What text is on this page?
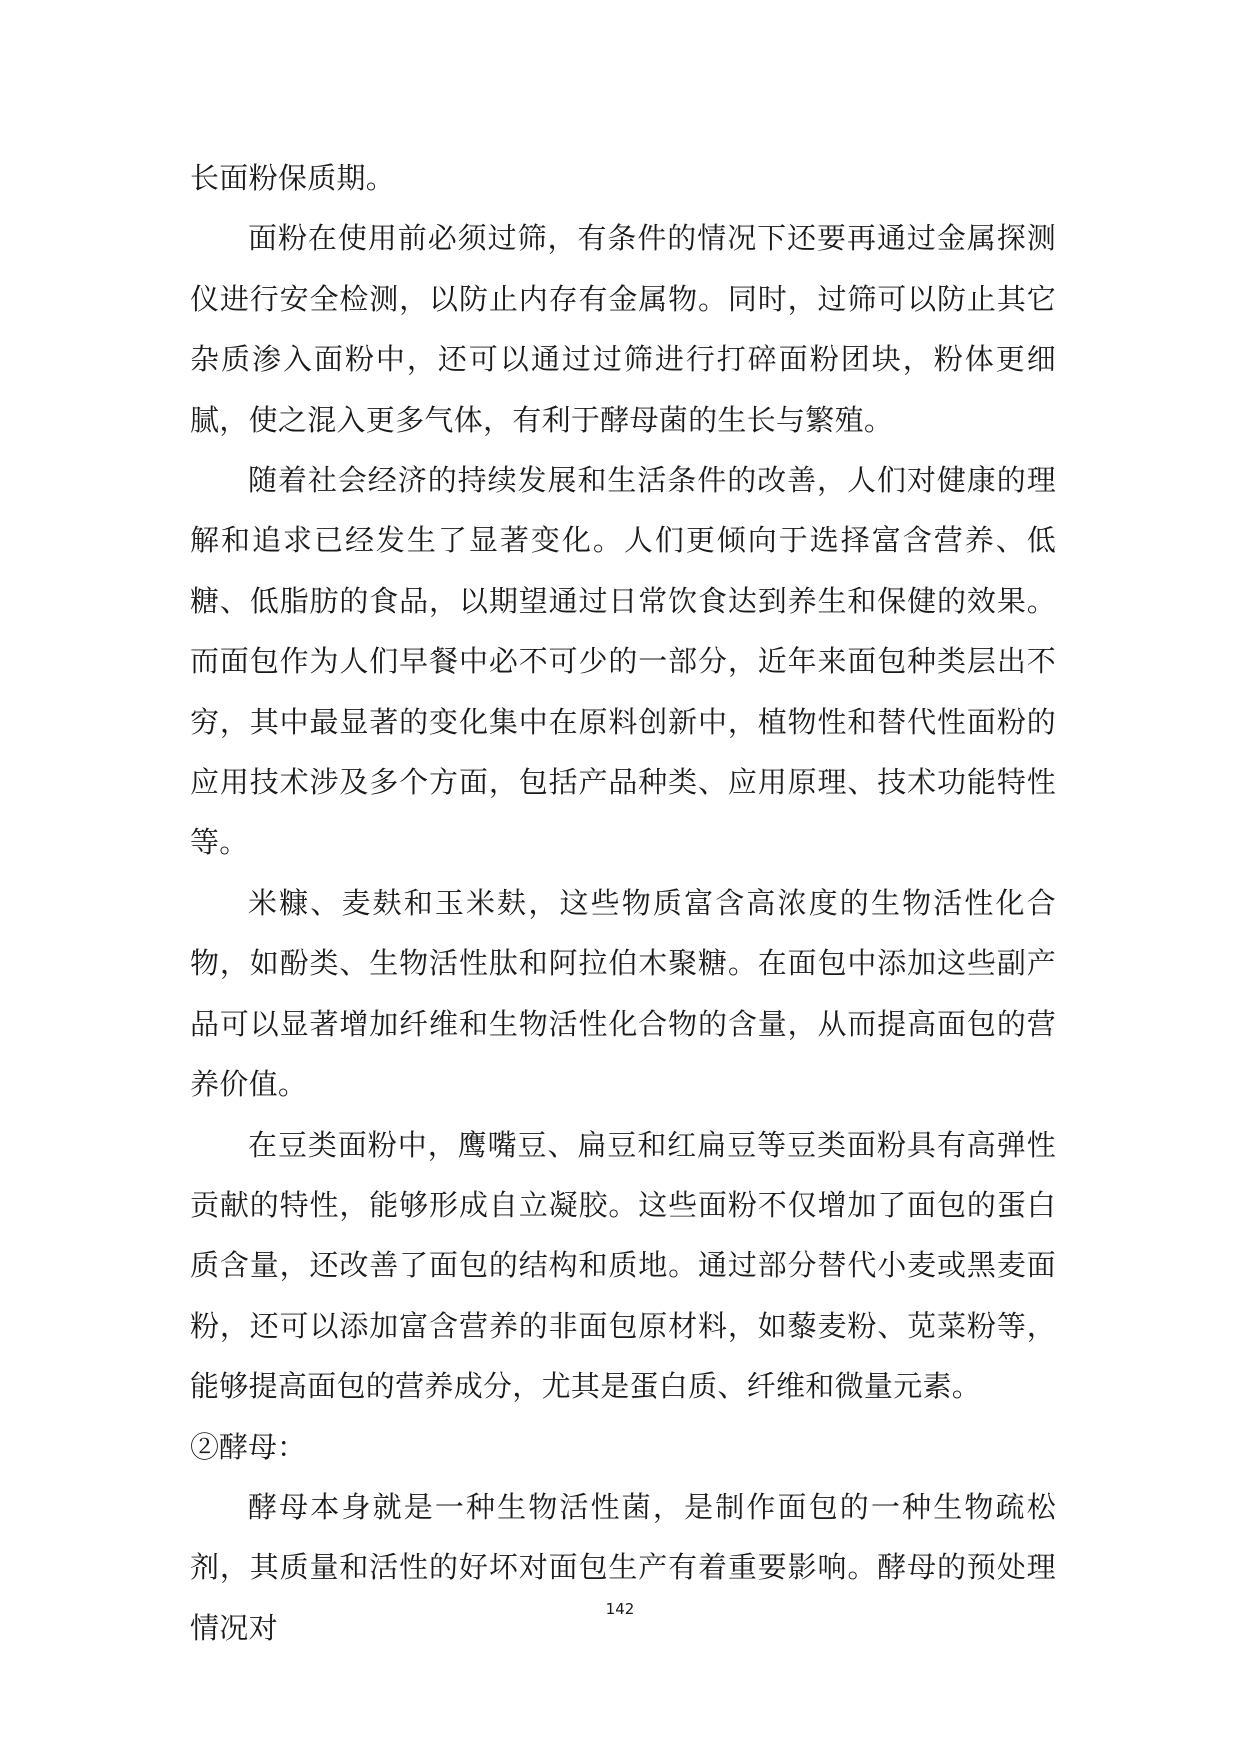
长面粉保质期。

面粉在使用前必须过筛，有条件的情况下还要再通过金属探测仪进行安全检测，以防止内存有金属物。同时，过筛可以防止其它杂质渗入面粉中，还可以通过过筛进行打碎面粉团块，粉体更细腻，使之混入更多气体，有利于酵母菌的生长与繁殖。

随着社会经济的持续发展和生活条件的改善，人们对健康的理解和追求已经发生了显著变化。人们更倾向于选择富含营养、低糖、低脂肪的食品，以期望通过日常饮食达到养生和保健的效果。而面包作为人们早餐中必不可少的一部分，近年来面包种类层出不穷，其中最显著的变化集中在原料创新中，植物性和替代性面粉的应用技术涉及多个方面，包括产品种类、应用原理、技术功能特性等。

米糠、麦麸和玉米麸，这些物质富含高浓度的生物活性化合物，如酚类、生物活性肽和阿拉伯木聚糖。在面包中添加这些副产品可以显著增加纤维和生物活性化合物的含量，从而提高面包的营养价值。

在豆类面粉中，鹰嘴豆、扁豆和红扁豆等豆类面粉具有高弹性贡献的特性，能够形成自立凝胶。这些面粉不仅增加了面包的蛋白质含量，还改善了面包的结构和质地。通过部分替代小麦或黑麦面粉，还可以添加富含营养的非面包原材料，如藜麦粉、苋菜粉等，能够提高面包的营养成分，尤其是蛋白质、纤维和微量元素。

②酵母：

酵母本身就是一种生物活性菌，是制作面包的一种生物疏松剂，其质量和活性的好坏对面包生产有着重要影响。酵母的预处理情况对

142
